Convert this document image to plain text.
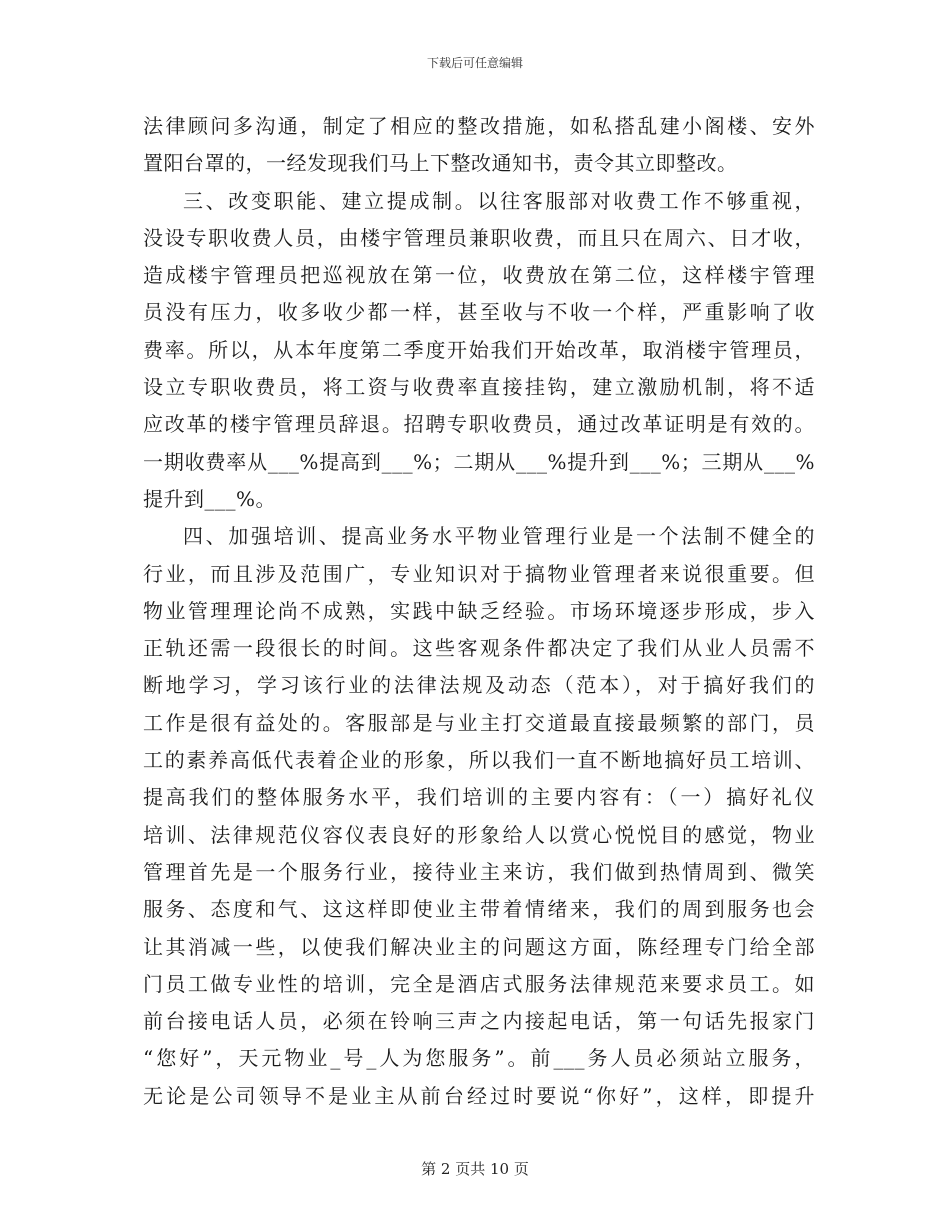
下载后可任意编辑
法律顾问多沟通，制定了相应的整改措施，如私搭乱建小阁楼、安外
置阳台罩的，一经发现我们马上下整改通知书，责令其立即整改。
三、改变职能、建立提成制。以往客服部对收费工作不够重视，
没设专职收费人员，由楼宇管理员兼职收费，而且只在周六、日才收，
造成楼宇管理员把巡视放在第一位，收费放在第二位，这样楼宇管理
员没有压力，收多收少都一样，甚至收与不收一个样，严重影响了收
费率。所以，从本年度第二季度开始我们开始改革，取消楼宇管理员，
设立专职收费员，将工资与收费率直接挂钩，建立激励机制，将不适
应改革的楼宇管理员辞退。招聘专职收费员，通过改革证明是有效的。
一期收费率从___%提高到___%；二期从___%提升到___%；三期从___%
提升到___%。
四、加强培训、提高业务水平物业管理行业是一个法制不健全的
行业，而且涉及范围广，专业知识对于搞物业管理者来说很重要。但
物业管理理论尚不成熟，实践中缺乏经验。市场环境逐步形成，步入
正轨还需一段很长的时间。这些客观条件都决定了我们从业人员需不
断地学习，学习该行业的法律法规及动态（范本），对于搞好我们的
工作是很有益处的。客服部是与业主打交道最直接最频繁的部门，员
工的素养高低代表着企业的形象，所以我们一直不断地搞好员工培训、
提高我们的整体服务水平，我们培训的主要内容有：（一）搞好礼仪
培训、法律规范仪容仪表良好的形象给人以赏心悦悦目的感觉，物业
管理首先是一个服务行业，接待业主来访，我们做到热情周到、微笑
服务、态度和气、这这样即使业主带着情绪来，我们的周到服务也会
让其消减一些，以使我们解决业主的问题这方面，陈经理专门给全部
门员工做专业性的培训，完全是酒店式服务法律规范来要求员工。如
前台接电话人员，必须在铃响三声之内接起电话，第一句话先报家门
“您好”，天元物业_号_人为您服务”。前___务人员必须站立服务，
无论是公司领导不是业主从前台经过时要说“你好”，这样，即提升
第 2 页共 10 页
